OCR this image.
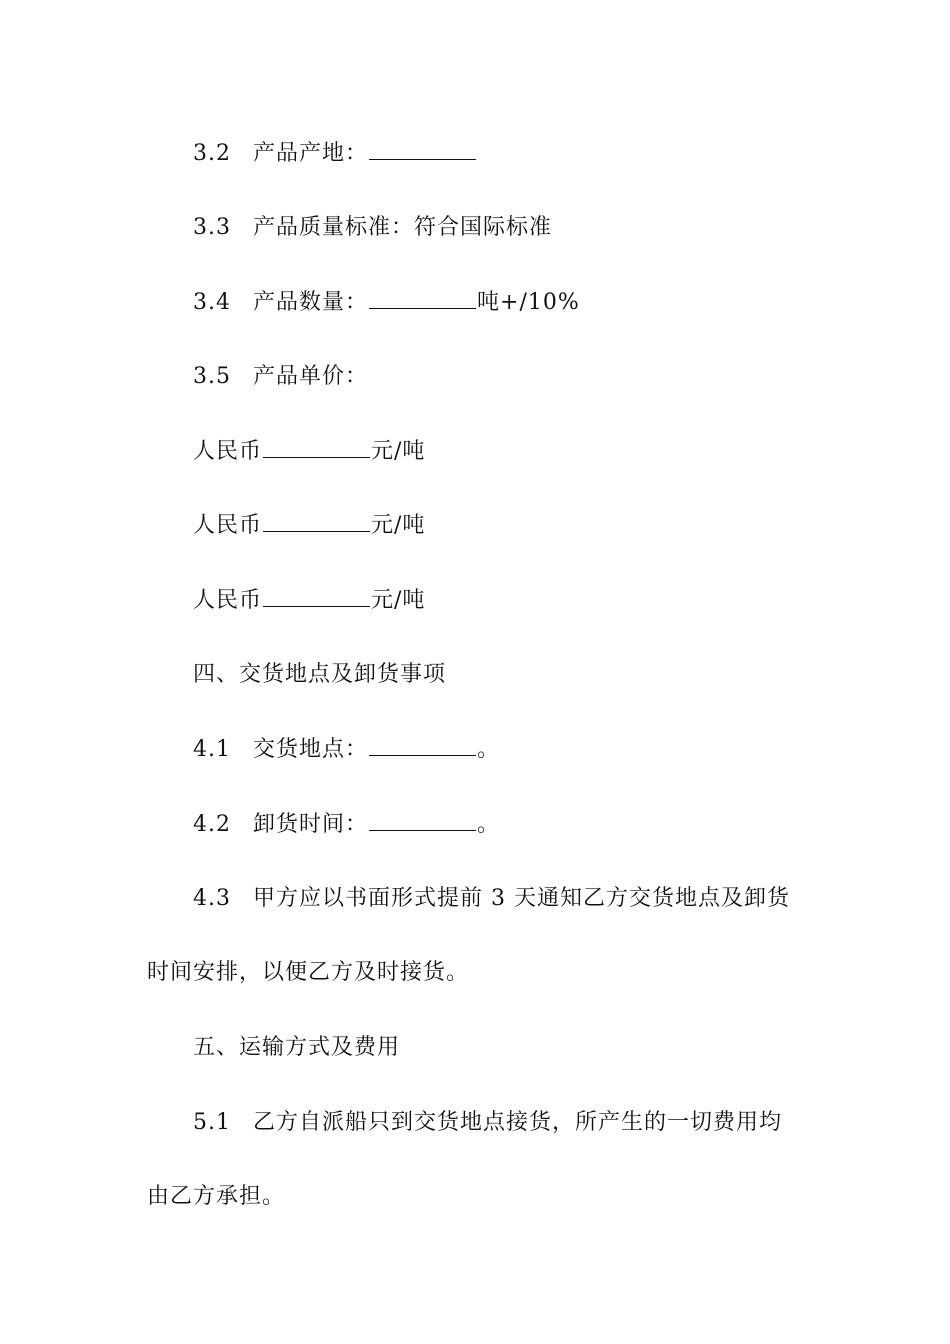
3.2 产品产地：
3.3 产品质量标准：符合国际标准
3.4 产品数量：	吨+/10%
3.5 产品单价：
人民币	元/吨
人民币	元/吨
人民币	元/吨
四、交货地点及卸货事项
4.1 交货地点：	。
4.2 卸货时间：	。
4.3 甲方应以书面形式提前 3 天通知乙方交货地点及卸货
时间安排，以便乙方及时接货。
五、运输方式及费用
5.1 乙方自派船只到交货地点接货，所产生的一切费用均
由乙方承担。
